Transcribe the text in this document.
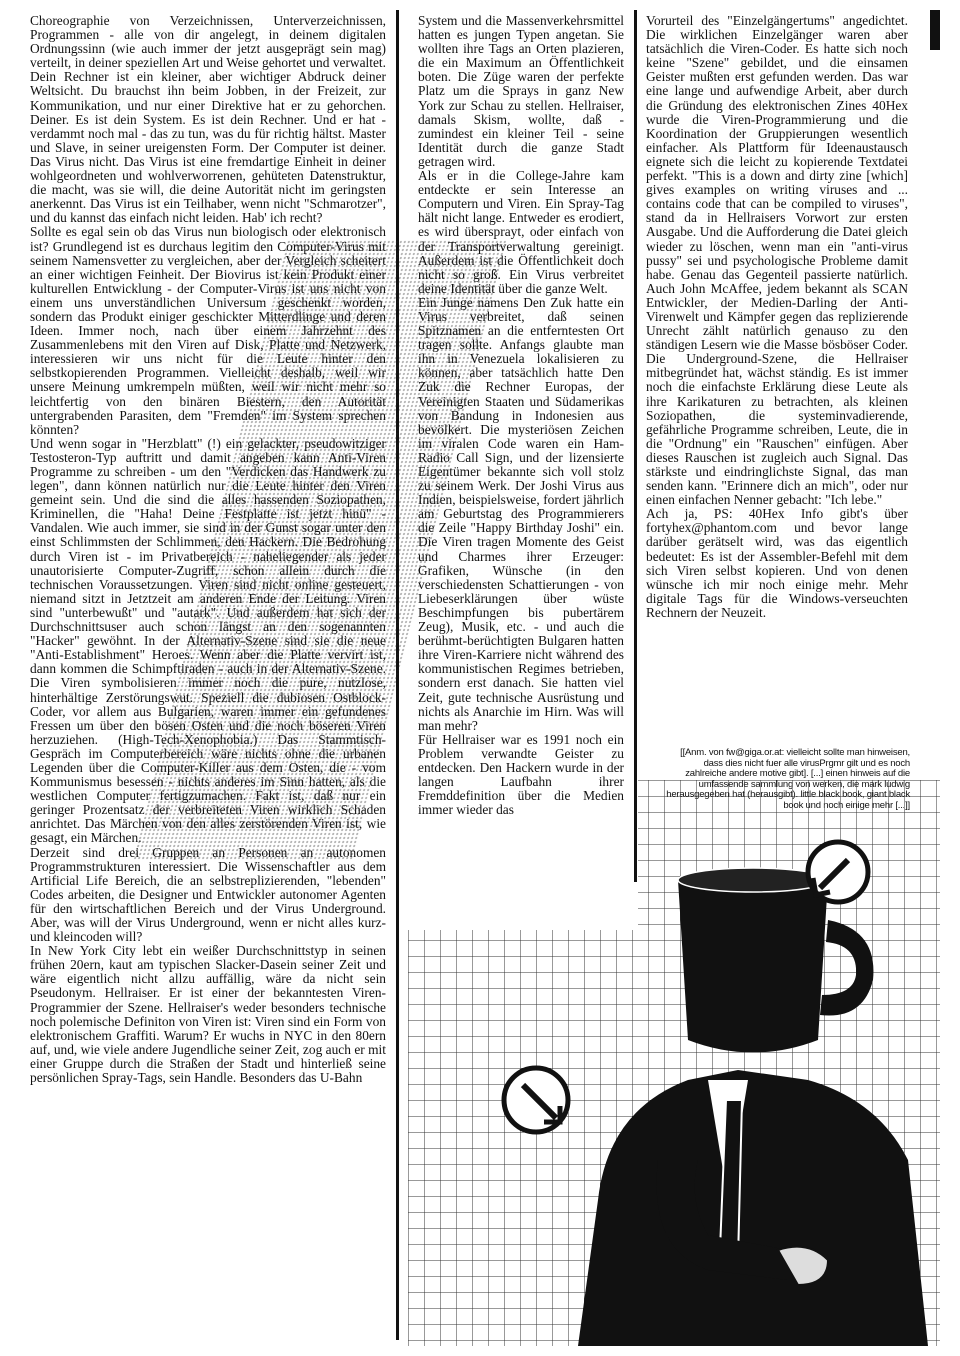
Choreographie von Verzeichnissen, Unterverzeichnissen, Programmen - alle von dir angelegt, in deinem digitalen Ordnungssinn (wie auch immer der jetzt ausgeprägt sein mag) verteilt, in deiner speziellen Art und Weise gehortet und verwaltet. Dein Rechner ist ein kleiner, aber wichtiger Abdruck deiner Weltsicht. Du brauchst ihn beim Jobben, in der Freizeit, zur Kommunikation, und nur einer Direktive hat er zu gehorchen. Deiner. Es ist dein System. Es ist dein Rechner. Und er hat - verdammt noch mal - das zu tun, was du für richtig hältst. Master und Slave, in seiner ureigensten Form. Der Computer ist deiner. Das Virus nicht. Das Virus ist eine fremdartige Einheit in deiner wohlgeordneten und wohlverworrenen, gehüteten Datenstruktur, die macht, was sie will, die deine Autorität nicht im geringsten anerkennt. Das Virus ist ein Teilhaber, wenn nicht "Schmarotzer", und du kannst das einfach nicht leiden. Hab' ich recht?

Sollte es egal sein ob das Virus nun biologisch oder elektronisch ist? Grundlegend ist es durchaus legitim den Computer-Virus mit seinem Namensvetter zu vergleichen, aber der Vergleich scheitert an einer wichtigen Feinheit. Der Biovirus ist kein Produkt einer kulturellen Entwicklung - der Computer-Virus ist uns nicht von einem uns unverständlichen Universum geschenkt worden, sondern das Produkt einiger geschickter Mitterdlinge und deren Ideen. Immer noch, nach über einem Jahrzehnt des Zusammenlebens mit den Viren auf Disk, Platte und Netzwerk, interessieren wir uns nicht für die Leute hinter den selbstkopierenden Programmen. Vielleicht deshalb, weil wir unsere Meinung umkrempeln müßten, weil wir nicht mehr so leichtfertig von den binären Biestern, den Autorität untergrabenden Parasiten, dem "Fremden" im System sprechen könnten?

Und wenn sogar in "Herzblatt" (!) ein gelackter, pseudowitziger Testosteron-Typ auftritt und damit angeben kann Anti-Viren Programme zu schreiben - um den "Verdicken das Handwerk zu legen", dann können natürlich nur die Leute hinter den Viren gemeint sein. Und die sind die alles hassenden Soziopathen, Kriminellen, die "Haha! Deine Festplatte ist jetzt hinü" - Vandalen. Wie auch immer, sie sind in der Gunst sogar unter den einst Schlimmsten der Schlimmen, den Hackern. Die Bedrohung durch Viren ist - im Privatbereich - naheliegender als jeder unautorisierte Computer-Zugriff, schon allein durch die technischen Voraussetzungen. Viren sind nicht online gesteuert, niemand sitzt in Jetztzeit am anderen Ende der Leitung. Viren sind "unterbewußt" und "autark". Und außerdem hat sich der Durchschnittsuser auch schon längst an den sogenannten "Hacker" gewöhnt. In der Alternativ-Szene sind sie die neue "Anti-Establishment" Heroes. Wenn aber die Platte vervirt ist, dann kommen die Schimpftiraden - auch in der Alternativ-Szene. Die Viren symbolisieren immer noch die pure, nutzlose, hinterhältige Zerstörungswut. Speziell die dubiosen Ostblock-Coder, vor allem aus Bulgarien, waren immer ein gefundenes Fressen um über den bösen Osten und die noch böseren Viren herzuziehen. (High-Tech-Xenophobia.) Das Stammtisch-Gespräch im Computerbereich wäre nichts ohne die urbanen Legenden über die Computer-Killer aus dem Osten, die - vom Kommunismus besessen - nichts anderes im Sinn hatten, als die westlichen Computer fertigzumachen. Fakt ist, daß nur ein geringer Prozentsatz der verbreiteten Viren wirklich Schaden anrichtet. Das Märchen von den alles zerstörenden Viren ist, wie gesagt, ein Märchen.

Derzeit sind drei Gruppen an Personen an autonomen Programmstrukturen interessiert. Die Wissenschaftler aus dem Artificial Life Bereich, die an selbstreplizierenden, "lebenden" Codes arbeiten, die Designer und Entwickler autonomer Agenten für den wirtschaftlichen Bereich und der Virus Underground. Aber, was will der Virus Underground, wenn er nicht alles kurz- und kleincoden will?

In New York City lebt ein weißer Durchschnittstyp in seinen frühen 20ern, kaut am typischen Slacker-Dasein seiner Zeit und wäre eigentlich nicht allzu auffällig, wäre da nicht sein Pseudonym. Hellraiser. Er ist einer der bekanntesten Viren-Programmier der Szene. Hellraiser's weder besonders technische noch polemische Definiton von Viren ist: Viren sind ein Form von elektronischem Graffiti. Warum? Er wuchs in NYC in den 80ern auf, und, wie viele andere Jugendliche seiner Zeit, zog auch er mit einer Gruppe durch die Straßen der Stadt und hinterließ seine persönlichen Spray-Tags, sein Handle. Besonders das U-Bahn

System und die Massenverkehrsmittel hatten es jungen Typen angetan. Sie wollten ihre Tags an Orten plazieren, die ein Maximum an Öffentlichkeit boten. Die Züge waren der perfekte Platz um die Sprays in ganz New York zur Schau zu stellen. Hellraiser, damals Skism, wollte, daß - zumindest ein kleiner Teil - seine Identität durch die ganze Stadt getragen wird.

Als er in die College-Jahre kam entdeckte er sein Interesse an Computern und Viren. Ein Spray-Tag hält nicht lange. Entweder es erodiert, es wird übersprayt, oder einfach von der Transportverwaltung gereinigt. Außerdem ist die Öffentlichkeit doch nicht so groß. Ein Virus verbreitet deine Identität über die ganze Welt.

Ein Junge namens Den Zuk hatte ein Virus verbreitet, daß seinen Spitznamen an die entferntesten Ort tragen sollte. Anfangs glaubte man ihn in Venezuela lokalisieren zu können, aber tatsächlich hatte Den Zuk die Rechner Europas, der Vereinigten Staaten und Südamerikas von Bandung in Indonesien aus bevölkert. Die mysteriösen Zeichen im viralen Code waren ein Ham-Radio Call Sign, und der lizensierte Eigentümer bekannte sich voll stolz zu seinem Werk. Der Joshi Virus aus Indien, beispielsweise, fordert jährlich am Geburtstag des Programmierers die Zeile "Happy Birthday Joshi" ein. Die Viren tragen Momente des Geist und Charmes ihrer Erzeuger: Grafiken, Wünsche (in den verschiedensten Schattierungen - von Liebeserklärungen über wüste Beschimpfungen bis pubertärem Zeug), Musik, etc. - und auch die berühmt-berüchtigten Bulgaren hatten ihre Viren-Karriere nicht während des kommunistischen Regimes betrieben, sondern erst danach. Sie hatten viel Zeit, gute technische Ausrüstung und nichts als Anarchie im Hirn. Was will man mehr?

Für Hellraiser war es 1991 noch ein Problem verwandte Geister zu entdecken. Den Hackern wurde in der langen Laufbahn ihrer Fremddefinition über die Medien immer wieder das

Vorurteil des "Einzelgängertums" angedichtet. Die wirklichen Einzelgänger waren aber tatsächlich die Viren-Coder. Es hatte sich noch keine "Szene" gebildet, und die einsamen Geister mußten erst gefunden werden. Das war eine lange und aufwendige Arbeit, aber durch die Gründung des elektronischen Zines 40Hex wurde die Viren-Programmierung und die Koordination der Gruppierungen wesentlich einfacher. Als Plattform für Ideenaustausch eignete sich die leicht zu kopierende Textdatei perfekt. "This is a down and dirty zine [which] gives examples on writing viruses and ... contains code that can be compiled to viruses", stand da in Hellraisers Vorwort zur ersten Ausgabe. Und die Aufforderung die Datei gleich wieder zu löschen, wenn man ein "anti-virus pussy" sei und psychologische Probleme damit habe. Genau das Gegenteil passierte natürlich. Auch John McAffee, jedem bekannt als SCAN Entwickler, der Medien-Darling der Anti-Virenwelt und Kämpfer gegen das replizierende Unrecht zählt natürlich genauso zu den ständigen Lesern wie die Masse bösböser Coder. Die Underground-Szene, die Hellraiser mitbegründet hat, wächst ständig. Es ist immer noch die einfachste Erklärung diese Leute als ihre Karikaturen zu betrachten, als kleinen Soziopathen, die systeminvadierende, gefährliche Programme schreiben, Leute, die in die "Ordnung" ein "Rauschen" einfügen. Aber dieses Rauschen ist zugleich auch Signal. Das stärkste und eindringlichste Signal, das man senden kann. "Erinnere dich an mich", oder nur einen einfachen Nenner gebacht: "Ich lebe."

Ach ja, PS: 40Hex Info gibt's über fortyhex@phantom.com und bevor lange darüber gerätselt wird, was das eigentlich bedeutet: Es ist der Assembler-Befehl mit dem sich Viren selbst kopieren. Und von denen wünsche ich mir noch einige mehr. Mehr digitale Tags für die Windows-verseuchten Rechnern der Neuzeit.

[[Anm. von fw@giga.or.at: vielleicht sollte man hinweisen, dass dies nicht fuer alle virusPrgmr gilt und es noch zahlreiche andere motive gibt]. [...] einen hinweis auf die
